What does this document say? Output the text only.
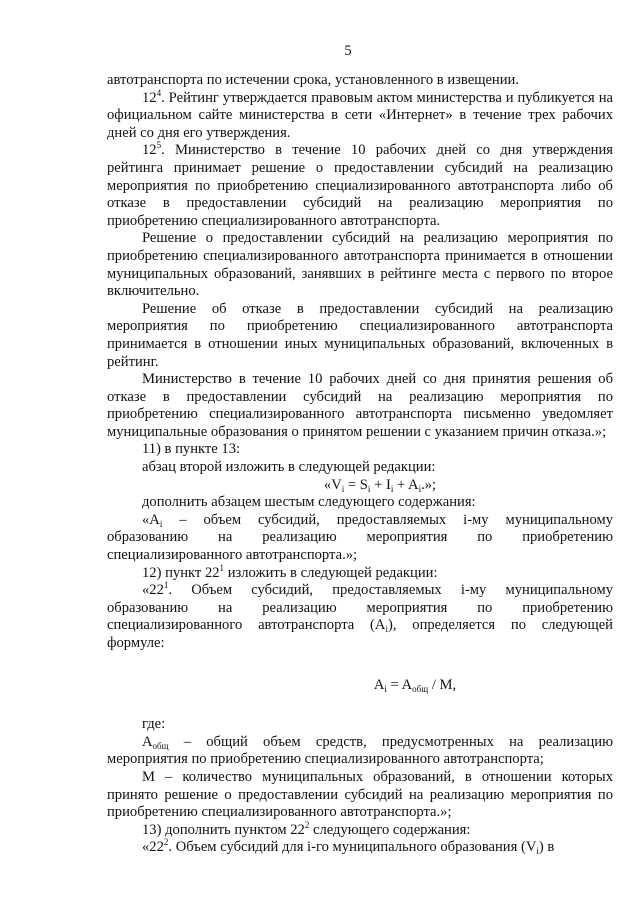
5

автотранспорта по истечении срока, установленного в извещении.

$12^4$. Рейтинг утверждается правовым актом министерства и публикуется на официальном сайте министерства в сети «Интернет» в течение трех рабочих дней со дня его утверждения.

$12^5$. Министерство в течение 10 рабочих дней со дня утверждения рейтинга принимает решение о предоставлении субсидий на реализацию мероприятия по приобретению специализированного автотранспорта либо об отказе в предоставлении субсидий на реализацию мероприятия по приобретению специализированного автотранспорта.

Решение о предоставлении субсидий на реализацию мероприятия по приобретению специализированного автотранспорта принимается в отношении муниципальных образований, занявших в рейтинге места с первого по второе включительно.

Решение об отказе в предоставлении субсидий на реализацию мероприятия по приобретению специализированного автотранспорта принимается в отношении иных муниципальных образований, включенных в рейтинг.

Министерство в течение 10 рабочих дней со дня принятия решения об отказе в предоставлении субсидий на реализацию мероприятия по приобретению специализированного автотранспорта письменно уведомляет муниципальные образования о принятом решении с указанием причин отказа.»;

11) в пункте 13:

абзац второй изложить в следующей редакции:

«$V_i = S_i + I_i + A_i$.»;

дополнить абзацем шестым следующего содержания:

«$A_i$ – объем субсидий, предоставляемых i-му муниципальному образованию на реализацию мероприятия по приобретению специализированного автотранспорта.»;

12) пункт $22^1$ изложить в следующей редакции:

«$22^1$. Объем субсидий, предоставляемых i-му муниципальному образованию на реализацию мероприятия по приобретению специализированного автотранспорта $(A_i)$, определяется по следующей формуле:

$A_i = A_{общ} / M$,

где:

$A_{общ}$ – общий объем средств, предусмотренных на реализацию мероприятия по приобретению специализированного автотранспорта;

M – количество муниципальных образований, в отношении которых принято решение о предоставлении субсидий на реализацию мероприятия по приобретению специализированного автотранспорта.»;

13) дополнить пунктом $22^2$ следующего содержания:

«$22^2$. Объем субсидий для i-го муниципального образования $(V_i)$ в
